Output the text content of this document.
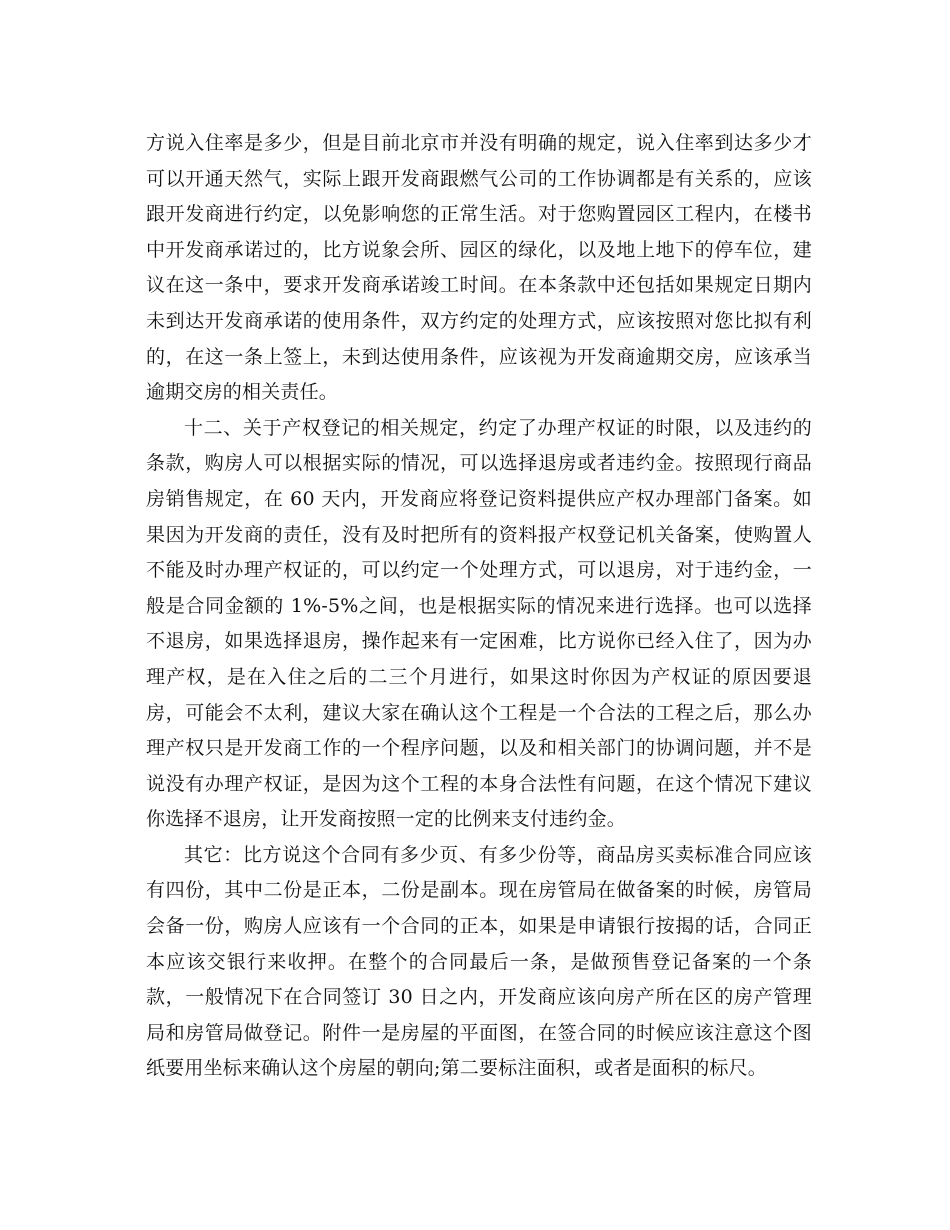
方说入住率是多少，但是目前北京市并没有明确的规定，说入住率到达多少才可以开通天然气，实际上跟开发商跟燃气公司的工作协调都是有关系的，应该跟开发商进行约定，以免影响您的正常生活。对于您购置园区工程内，在楼书中开发商承诺过的，比方说象会所、园区的绿化，以及地上地下的停车位，建议在这一条中，要求开发商承诺竣工时间。在本条款中还包括如果规定日期内未到达开发商承诺的使用条件，双方约定的处理方式，应该按照对您比拟有利的，在这一条上签上，未到达使用条件，应该视为开发商逾期交房，应该承当逾期交房的相关责任。

十二、关于产权登记的相关规定，约定了办理产权证的时限，以及违约的条款，购房人可以根据实际的情况，可以选择退房或者违约金。按照现行商品房销售规定，在 60 天内，开发商应将登记资料提供应产权办理部门备案。如果因为开发商的责任，没有及时把所有的资料报产权登记机关备案，使购置人不能及时办理产权证的，可以约定一个处理方式，可以退房，对于违约金，一般是合同金额的 1%-5%之间，也是根据实际的情况来进行选择。也可以选择不退房，如果选择退房，操作起来有一定困难，比方说你已经入住了，因为办理产权，是在入住之后的二三个月进行，如果这时你因为产权证的原因要退房，可能会不太利，建议大家在确认这个工程是一个合法的工程之后，那么办理产权只是开发商工作的一个程序问题，以及和相关部门的协调问题，并不是说没有办理产权证，是因为这个工程的本身合法性有问题，在这个情况下建议你选择不退房，让开发商按照一定的比例来支付违约金。

其它：比方说这个合同有多少页、有多少份等，商品房买卖标准合同应该有四份，其中二份是正本，二份是副本。现在房管局在做备案的时候，房管局会备一份，购房人应该有一个合同的正本，如果是申请银行按揭的话，合同正本应该交银行来收押。在整个的合同最后一条，是做预售登记备案的一个条款，一般情况下在合同签订 30 日之内，开发商应该向房产所在区的房产管理局和房管局做登记。附件一是房屋的平面图，在签合同的时候应该注意这个图纸要用坐标来确认这个房屋的朝向;第二要标注面积，或者是面积的标尺。
